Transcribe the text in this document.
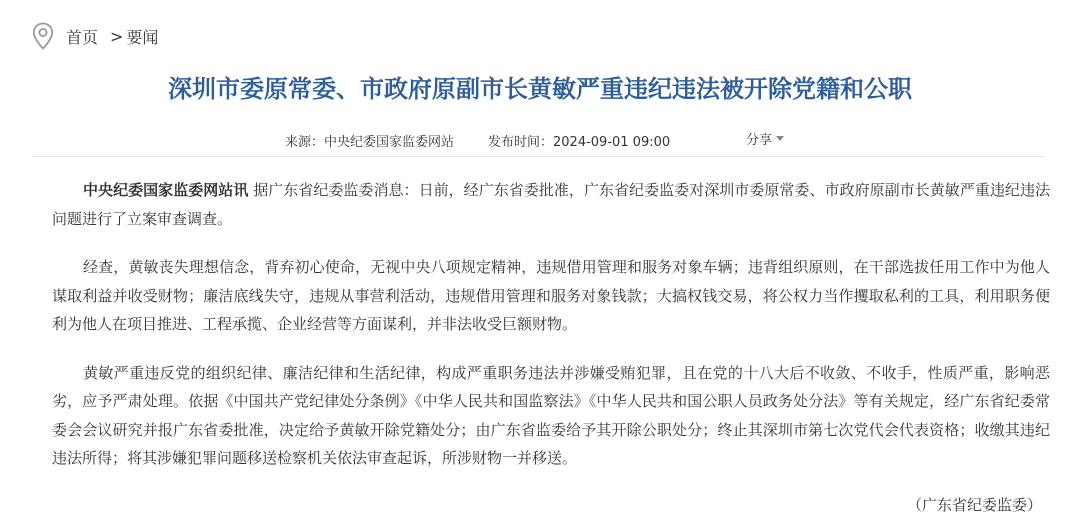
首页 > 要闻
深圳市委原常委、市政府原副市长黄敏严重违纪违法被开除党籍和公职
来源：中央纪委国家监委网站	发布时间：2024-09-01 09:00	分享

中央纪委国家监委网站讯 据广东省纪委监委消息：日前，经广东省委批准，广东省纪委监委对深圳市委原常委、市政府原副市长黄敏严重违纪违法问题进行了立案审查调查。

经查，黄敏丧失理想信念，背弃初心使命，无视中央八项规定精神，违规借用管理和服务对象车辆；违背组织原则，在干部选拔任用工作中为他人谋取利益并收受财物；廉洁底线失守，违规从事营利活动，违规借用管理和服务对象钱款；大搞权钱交易，将公权力当作攫取私利的工具，利用职务便利为他人在项目推进、工程承揽、企业经营等方面谋利，并非法收受巨额财物。

黄敏严重违反党的组织纪律、廉洁纪律和生活纪律，构成严重职务违法并涉嫌受贿犯罪，且在党的十八大后不收敛、不收手，性质严重，影响恶劣，应予严肃处理。依据《中国共产党纪律处分条例》《中华人民共和国监察法》《中华人民共和国公职人员政务处分法》等有关规定，经广东省纪委常委会会议研究并报广东省委批准，决定给予黄敏开除党籍处分；由广东省监委给予其开除公职处分；终止其深圳市第七次党代会代表资格；收缴其违纪违法所得；将其涉嫌犯罪问题移送检察机关依法审查起诉，所涉财物一并移送。

（广东省纪委监委）
